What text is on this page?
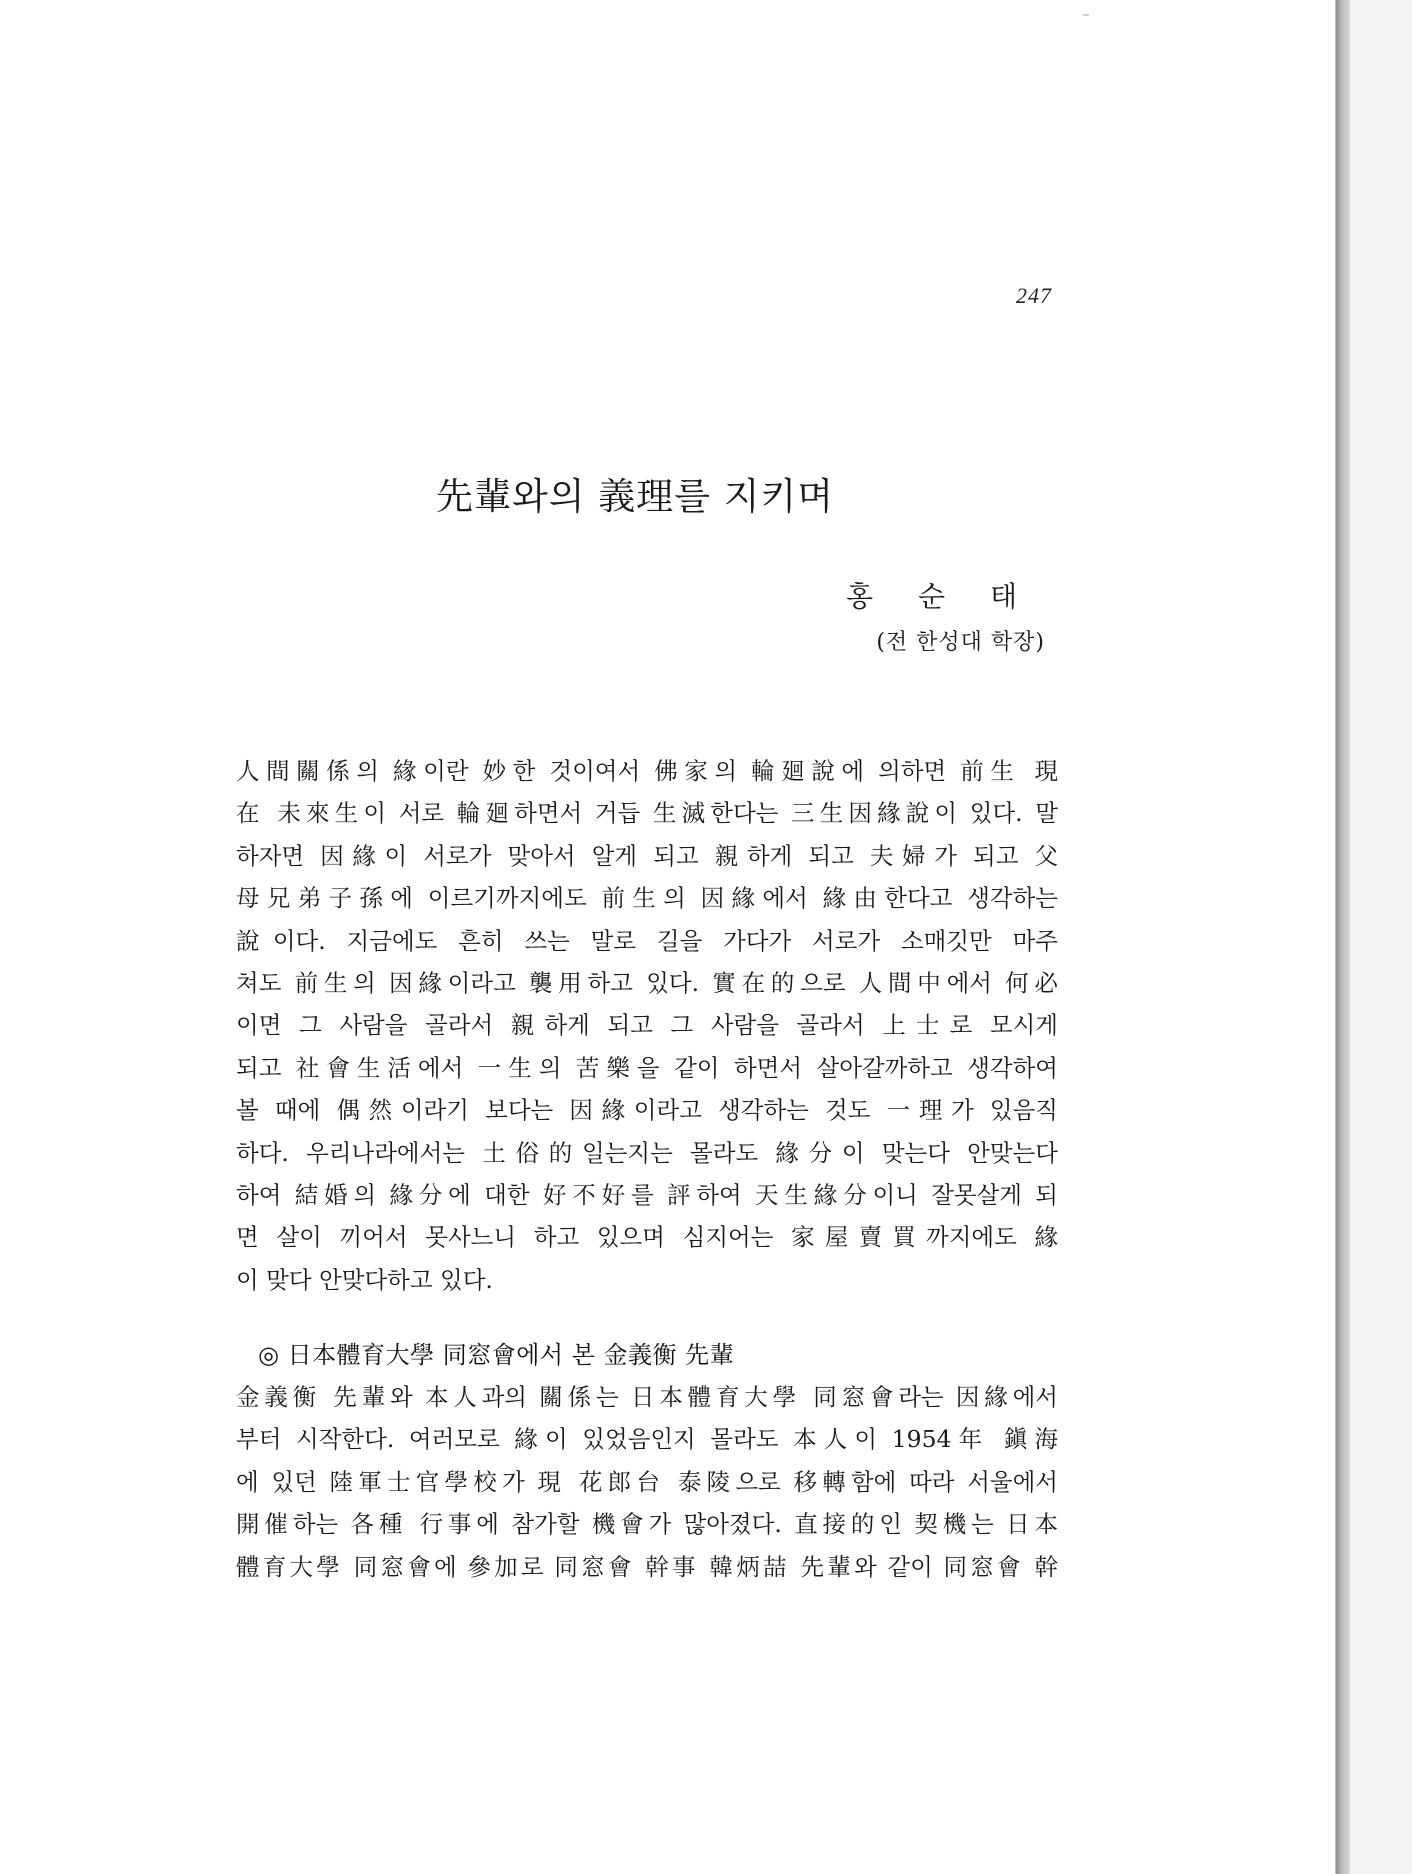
247
先輩와의 義理를 지키며
홍 순 태
(전 한성대 학장)
人間關係의 緣이란 妙한 것이여서 佛家의 輪廻說에 의하면 前生 現
在 未來生이 서로 輪廻하면서 거듭 生滅한다는 三生因緣說이 있다. 말
하자면 因緣이 서로가 맞아서 알게 되고 親하게 되고 夫婦가 되고 父
母兄弟子孫에 이르기까지에도 前生의 因緣에서 緣由한다고 생각하는
說이다. 지금에도 흔히 쓰는 말로 길을 가다가 서로가 소매깃만 마주
쳐도 前生의 因緣이라고 襲用하고 있다. 實在的으로 人間中에서 何必
이면 그 사람을 골라서 親하게 되고 그 사람을 골라서 上士로 모시게
되고 社會生活에서 一生의 苦樂을 같이 하면서 살아갈까하고 생각하여
볼 때에 偶然이라기 보다는 因緣이라고 생각하는 것도 一理가 있음직
하다. 우리나라에서는 土俗的일는지는 몰라도 緣分이 맞는다 안맞는다
하여 結婚의 緣分에 대한 好不好를 評하여 天生緣分이니 잘못살게 되
면 살이 끼어서 못사느니 하고 있으며 심지어는 家屋賣買까지에도 緣
이 맞다 안맞다하고 있다.
◎ 日本體育大學 同窓會에서 본 金義衡 先輩
金義衡 先輩와 本人과의 關係는 日本體育大學 同窓會라는 因緣에서
부터 시작한다. 여러모로 緣이 있었음인지 몰라도 本人이 1954年 鎭海
에 있던 陸軍士官學校가 現 花郎台 泰陵으로 移轉함에 따라 서울에서
開催하는 各種 行事에 참가할 機會가 많아졌다. 直接的인 契機는 日本
體育大學 同窓會에 參加로 同窓會 幹事 韓炳喆 先輩와 같이 同窓會 幹
